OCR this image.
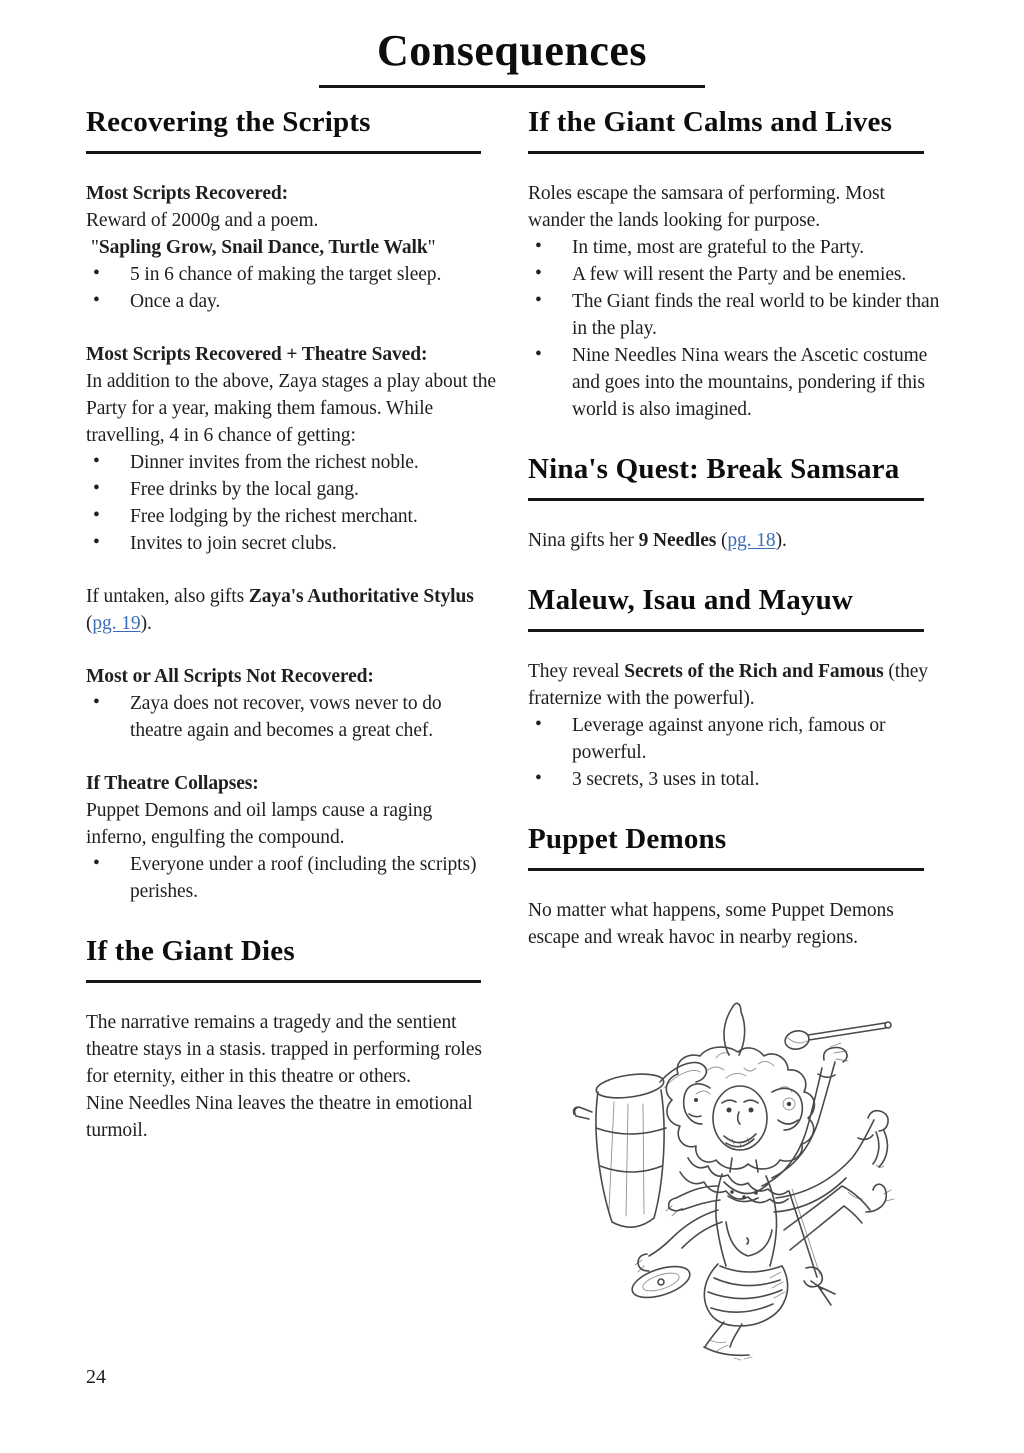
Consequences
Recovering the Scripts

Most Scripts Recovered:

Reward of 2000g and a poem.

"Sapling Grow, Snail Dance, Turtle Walk"

• 5 in 6 chance of making the target sleep.
• Once a day.

Most Scripts Recovered + Theatre Saved:

In addition to the above, Zaya stages a play about the Party for a year, making them famous. While travelling, 4 in 6 chance of getting:

• Dinner invites from the richest noble.
• Free drinks by the local gang.
• Free lodging by the richest merchant.
• Invites to join secret clubs.

If untaken, also gifts Zaya's Authoritative Stylus (pg. 19).

Most or All Scripts Not Recovered:

• Zaya does not recover, vows never to do theatre again and becomes a great chef.

If Theatre Collapses:

Puppet Demons and oil lamps cause a raging inferno, engulfing the compound.

• Everyone under a roof (including the scripts) perishes.
If the Giant Dies

The narrative remains a tragedy and the sentient theatre stays in a stasis. trapped in performing roles for eternity, either in this theatre or others.

Nine Needles Nina leaves the theatre in emotional turmoil.

If the Giant Calms and Lives

Roles escape the samsara of performing. Most wander the lands looking for purpose.

• In time, most are grateful to the Party.
• A few will resent the Party and be enemies.
• The Giant finds the real world to be kinder than in the play.
• Nine Needles Nina wears the Ascetic costume and goes into the mountains, pondering if this world is also imagined.
Nina's Quest: Break Samsara

Nina gifts her 9 Needles (pg. 18).

Maleuw, Isau and Mayuw

They reveal Secrets of the Rich and Famous (they fraternize with the powerful).

• Leverage against anyone rich, famous or powerful.
• 3 secrets, 3 uses in total.
Puppet Demons

No matter what happens, some Puppet Demons escape and wreak havoc in nearby regions.

24
